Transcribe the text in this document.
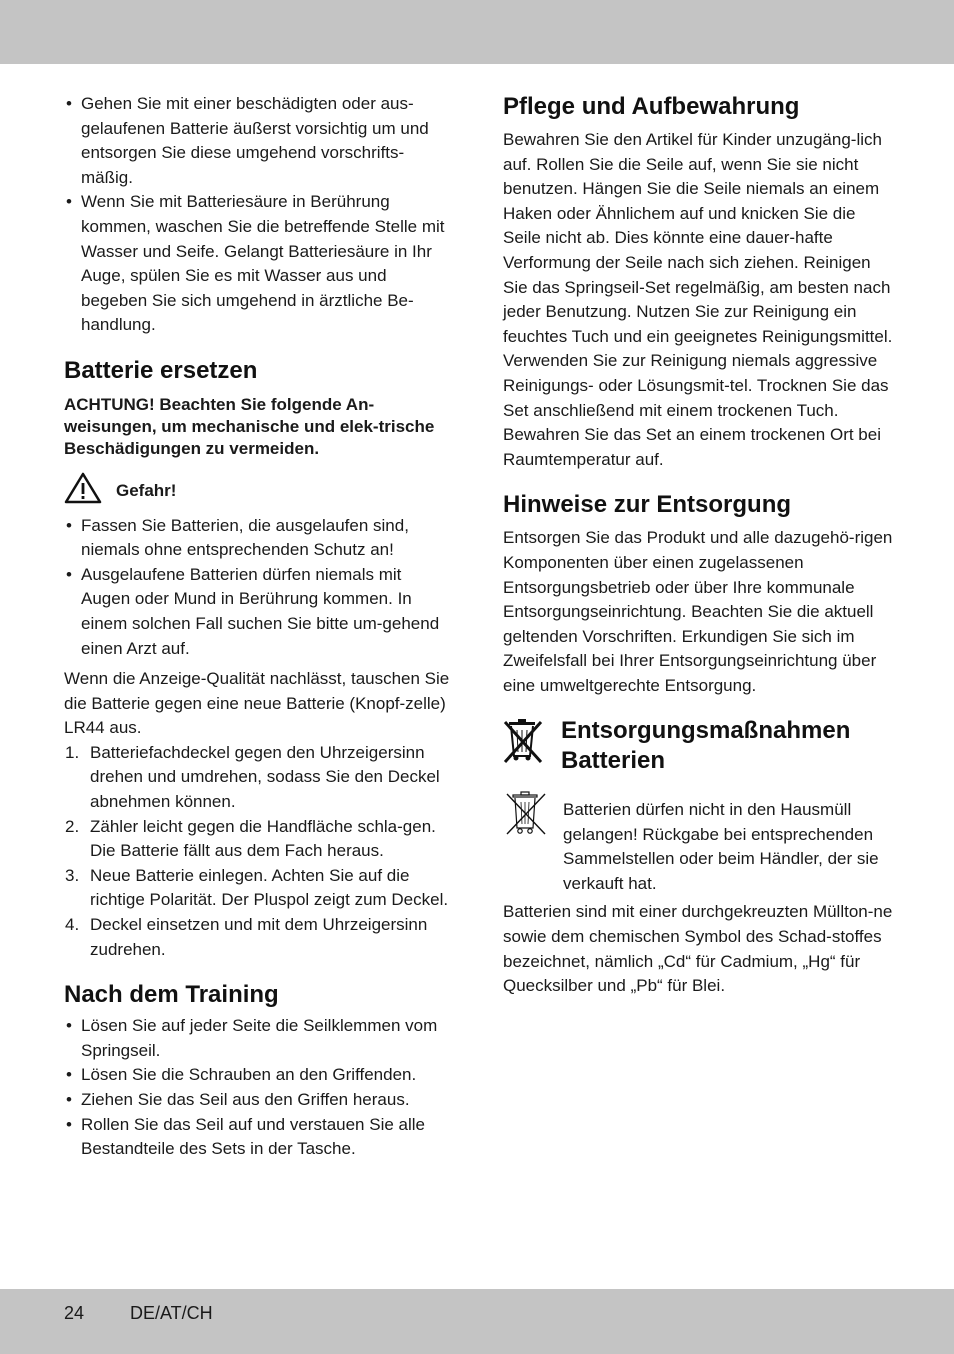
• Gehen Sie mit einer beschädigten oder aus-gelaufenen Batterie äußerst vorsichtig um und entsorgen Sie diese umgehend vorschrifts-mäßig.
• Wenn Sie mit Batteriesäure in Berührung kommen, waschen Sie die betreffende Stelle mit Wasser und Seife. Gelangt Batteriesäure in Ihr Auge, spülen Sie es mit Wasser aus und begeben Sie sich umgehend in ärztliche Be-handlung.
Batterie ersetzen

ACHTUNG! Beachten Sie folgende An-weisungen, um mechanische und elek-trische Beschädigungen zu vermeiden.

Gefahr!
• Fassen Sie Batterien, die ausgelaufen sind, niemals ohne entsprechenden Schutz an!
• Ausgelaufene Batterien dürfen niemals mit Augen oder Mund in Berührung kommen. In einem solchen Fall suchen Sie bitte um-gehend einen Arzt auf.

Wenn die Anzeige-Qualität nachlässt, tauschen Sie die Batterie gegen eine neue Batterie (Knopf-zelle) LR44 aus.

1. Batteriefachdeckel gegen den Uhrzeigersinn drehen und umdrehen, sodass Sie den Deckel abnehmen können.
2. Zähler leicht gegen die Handfläche schla-gen. Die Batterie fällt aus dem Fach heraus.
3. Neue Batterie einlegen. Achten Sie auf die richtige Polarität. Der Pluspol zeigt zum Deckel.
4. Deckel einsetzen und mit dem Uhrzeigersinn zudrehen.
Nach dem Training
• Lösen Sie auf jeder Seite die Seilklemmen vom Springseil.
• Lösen Sie die Schrauben an den Griffenden.
• Ziehen Sie das Seil aus den Griffen heraus.
• Rollen Sie das Seil auf und verstauen Sie alle Bestandteile des Sets in der Tasche.
Pflege und Aufbewahrung

Bewahren Sie den Artikel für Kinder unzugäng-lich auf. Rollen Sie die Seile auf, wenn Sie sie nicht benutzen. Hängen Sie die Seile niemals an einem Haken oder Ähnlichem auf und knicken Sie die Seile nicht ab. Dies könnte eine dauer-hafte Verformung der Seile nach sich ziehen. Reinigen Sie das Springseil-Set regelmäßig, am besten nach jeder Benutzung. Nutzen Sie zur Reinigung ein feuchtes Tuch und ein geeignetes Reinigungsmittel. Verwenden Sie zur Reinigung niemals aggressive Reinigungs- oder Lösungsmit-tel. Trocknen Sie das Set anschließend mit einem trockenen Tuch. Bewahren Sie das Set an einem trockenen Ort bei Raumtemperatur auf.

Hinweise zur Entsorgung

Entsorgen Sie das Produkt und alle dazugehö-rigen Komponenten über einen zugelassenen Entsorgungsbetrieb oder über Ihre kommunale Entsorgungseinrichtung. Beachten Sie die aktuell geltenden Vorschriften. Erkundigen Sie sich im Zweifelsfall bei Ihrer Entsorgungseinrichtung über eine umweltgerechte Entsorgung.

Entsorgungsmaßnahmen
Batterien

Batterien dürfen nicht in den Hausmüll gelangen! Rückgabe bei entsprechenden Sammelstellen oder beim Händler, der sie verkauft hat.

Batterien sind mit einer durchgekreuzten Müllton-ne sowie dem chemischen Symbol des Schad-stoffes bezeichnet, nämlich „Cd“ für Cadmium, „Hg“ für Quecksilber und „Pb“ für Blei.

24	DE/AT/CH
